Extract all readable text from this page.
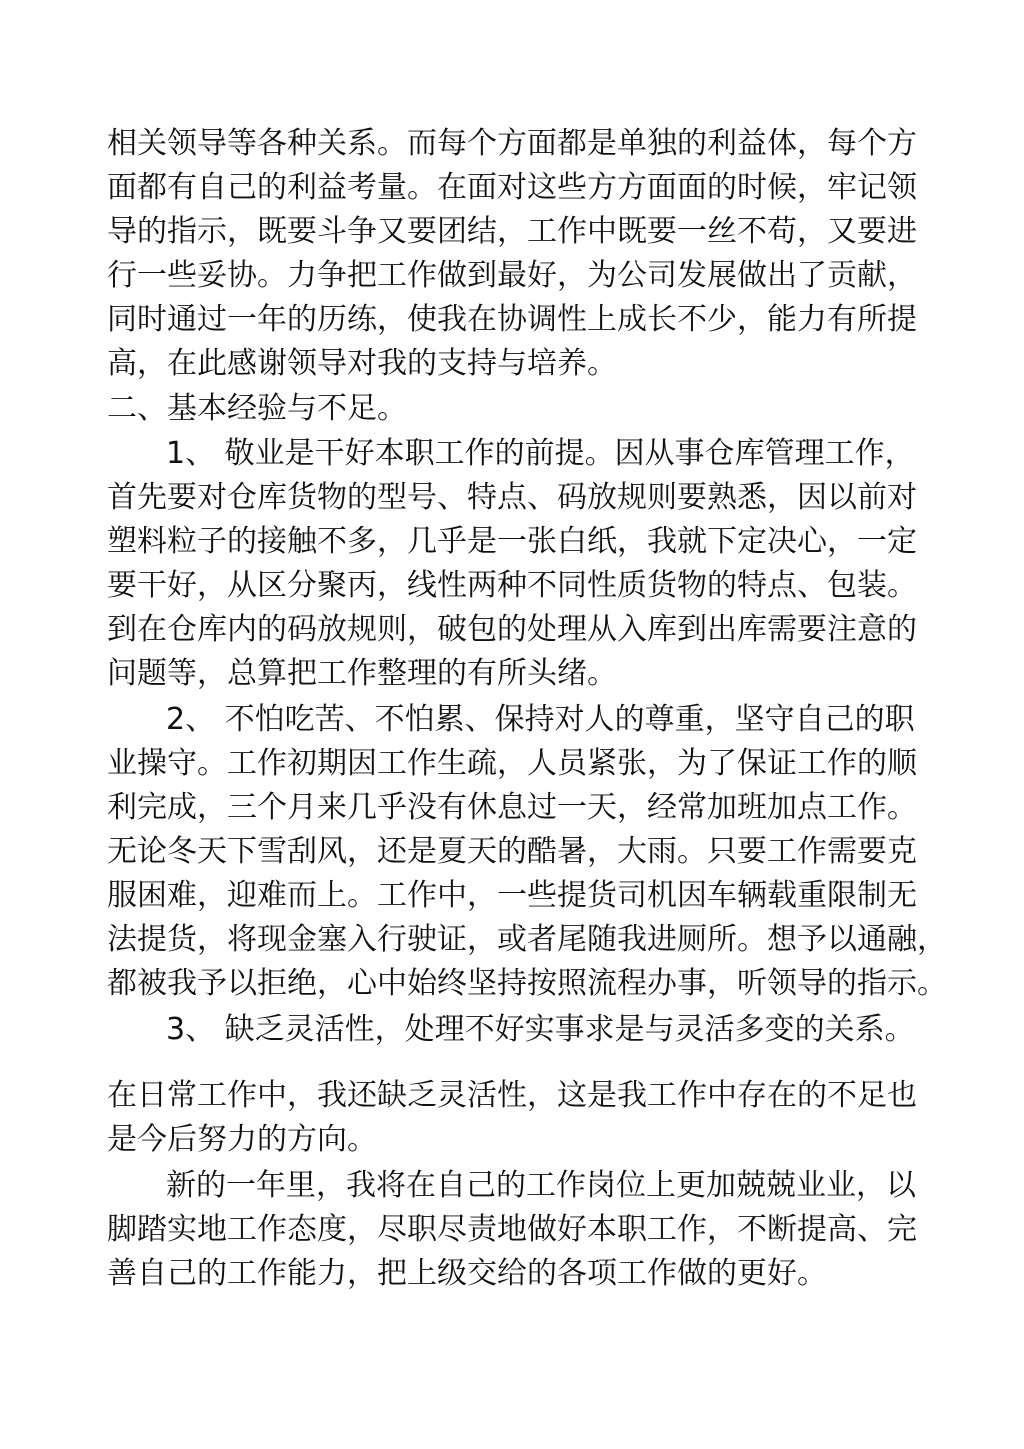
相关领导等各种关系。而每个方面都是单独的利益体，每个方
面都有自己的利益考量。在面对这些方方面面的时候，牢记领
导的指示，既要斗争又要团结，工作中既要一丝不苟，又要进
行一些妥协。力争把工作做到最好，为公司发展做出了贡献，
同时通过一年的历练，使我在协调性上成长不少，能力有所提
高，在此感谢领导对我的支持与培养。
二、基本经验与不足。
1、 敬业是干好本职工作的前提。因从事仓库管理工作，
首先要对仓库货物的型号、特点、码放规则要熟悉，因以前对
塑料粒子的接触不多，几乎是一张白纸，我就下定决心，一定
要干好，从区分聚丙，线性两种不同性质货物的特点、包装。
到在仓库内的码放规则，破包的处理从入库到出库需要注意的
问题等，总算把工作整理的有所头绪。
2、 不怕吃苦、不怕累、保持对人的尊重，坚守自己的职
业操守。工作初期因工作生疏，人员紧张，为了保证工作的顺
利完成，三个月来几乎没有休息过一天，经常加班加点工作。
无论冬天下雪刮风，还是夏天的酷暑，大雨。只要工作需要克
服困难，迎难而上。工作中，一些提货司机因车辆载重限制无
法提货，将现金塞入行驶证，或者尾随我进厕所。想予以通融，
都被我予以拒绝，心中始终坚持按照流程办事，听领导的指示。
3、 缺乏灵活性，处理不好实事求是与灵活多变的关系。
在日常工作中，我还缺乏灵活性，这是我工作中存在的不足也
是今后努力的方向。
新的一年里，我将在自己的工作岗位上更加兢兢业业，以
脚踏实地工作态度，尽职尽责地做好本职工作，不断提高、完
善自己的工作能力，把上级交给的各项工作做的更好。
